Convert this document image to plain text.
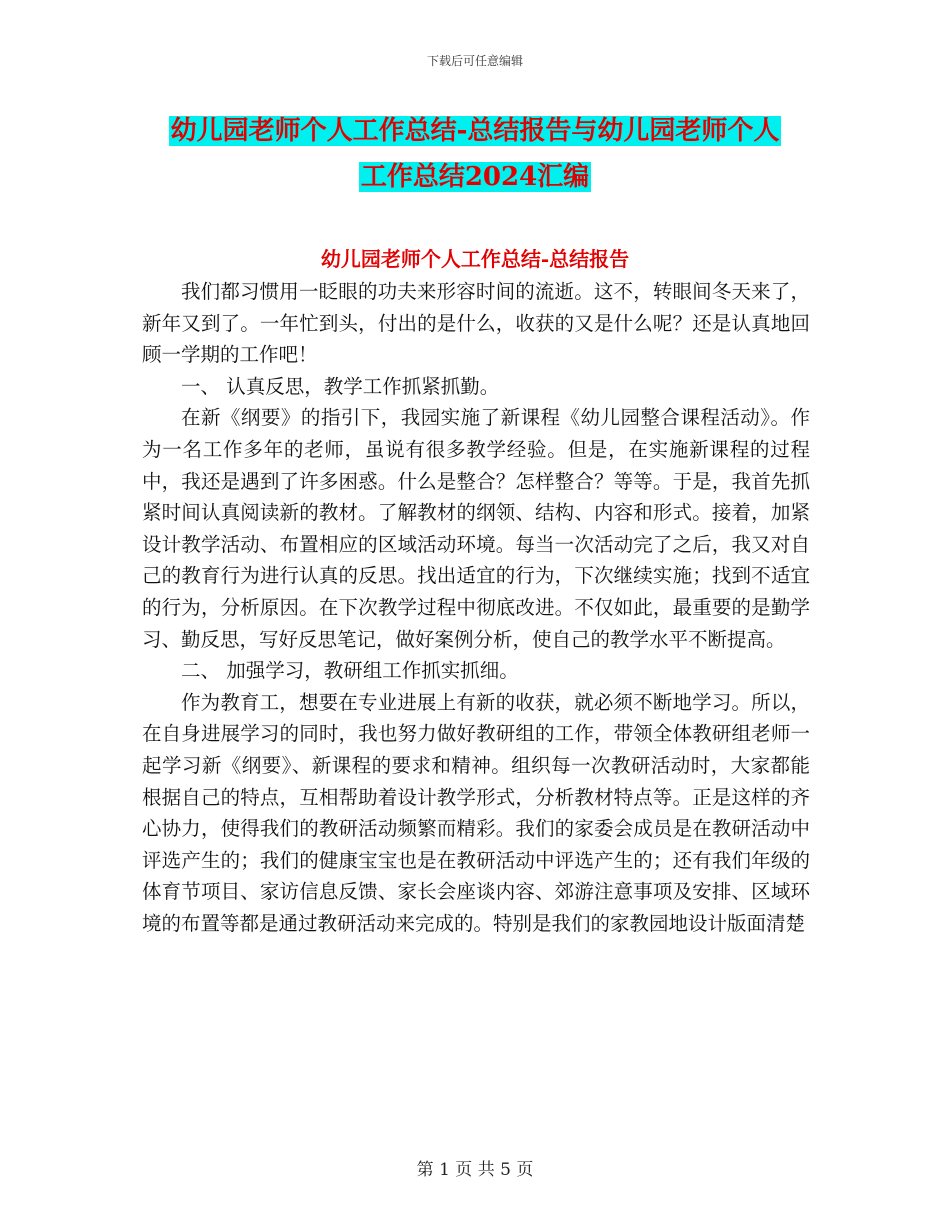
下载后可任意编辑
幼儿园老师个人工作总结-总结报告与幼儿园老师个人
工作总结2024汇编
幼儿园老师个人工作总结-总结报告

我们都习惯用一眨眼的功夫来形容时间的流逝。这不，转眼间冬天来了，新年又到了。一年忙到头，付出的是什么，收获的又是什么呢？还是认真地回顾一学期的工作吧！

一、 认真反思，教学工作抓紧抓勤。

在新《纲要》的指引下，我园实施了新课程《幼儿园整合课程活动》。作为一名工作多年的老师，虽说有很多教学经验。但是，在实施新课程的过程中，我还是遇到了许多困惑。什么是整合？怎样整合？等等。于是，我首先抓紧时间认真阅读新的教材。了解教材的纲领、结构、内容和形式。接着，加紧设计教学活动、布置相应的区域活动环境。每当一次活动完了之后，我又对自己的教育行为进行认真的反思。找出适宜的行为，下次继续实施；找到不适宜的行为，分析原因。在下次教学过程中彻底改进。不仅如此，最重要的是勤学习、勤反思，写好反思笔记，做好案例分析，使自己的教学水平不断提高。

二、 加强学习，教研组工作抓实抓细。

作为教育工，想要在专业进展上有新的收获，就必须不断地学习。所以，在自身进展学习的同时，我也努力做好教研组的工作，带领全体教研组老师一起学习新《纲要》、新课程的要求和精神。组织每一次教研活动时，大家都能根据自己的特点，互相帮助着设计教学形式，分析教材特点等。正是这样的齐心协力，使得我们的教研活动频繁而精彩。我们的家委会成员是在教研活动中评选产生的；我们的健康宝宝也是在教研活动中评选产生的；还有我们年级的体育节项目、家访信息反馈、家长会座谈内容、郊游注意事项及安排、区域环境的布置等都是通过教研活动来完成的。特别是我们的家教园地设计版面清楚

第 1 页 共 5 页
